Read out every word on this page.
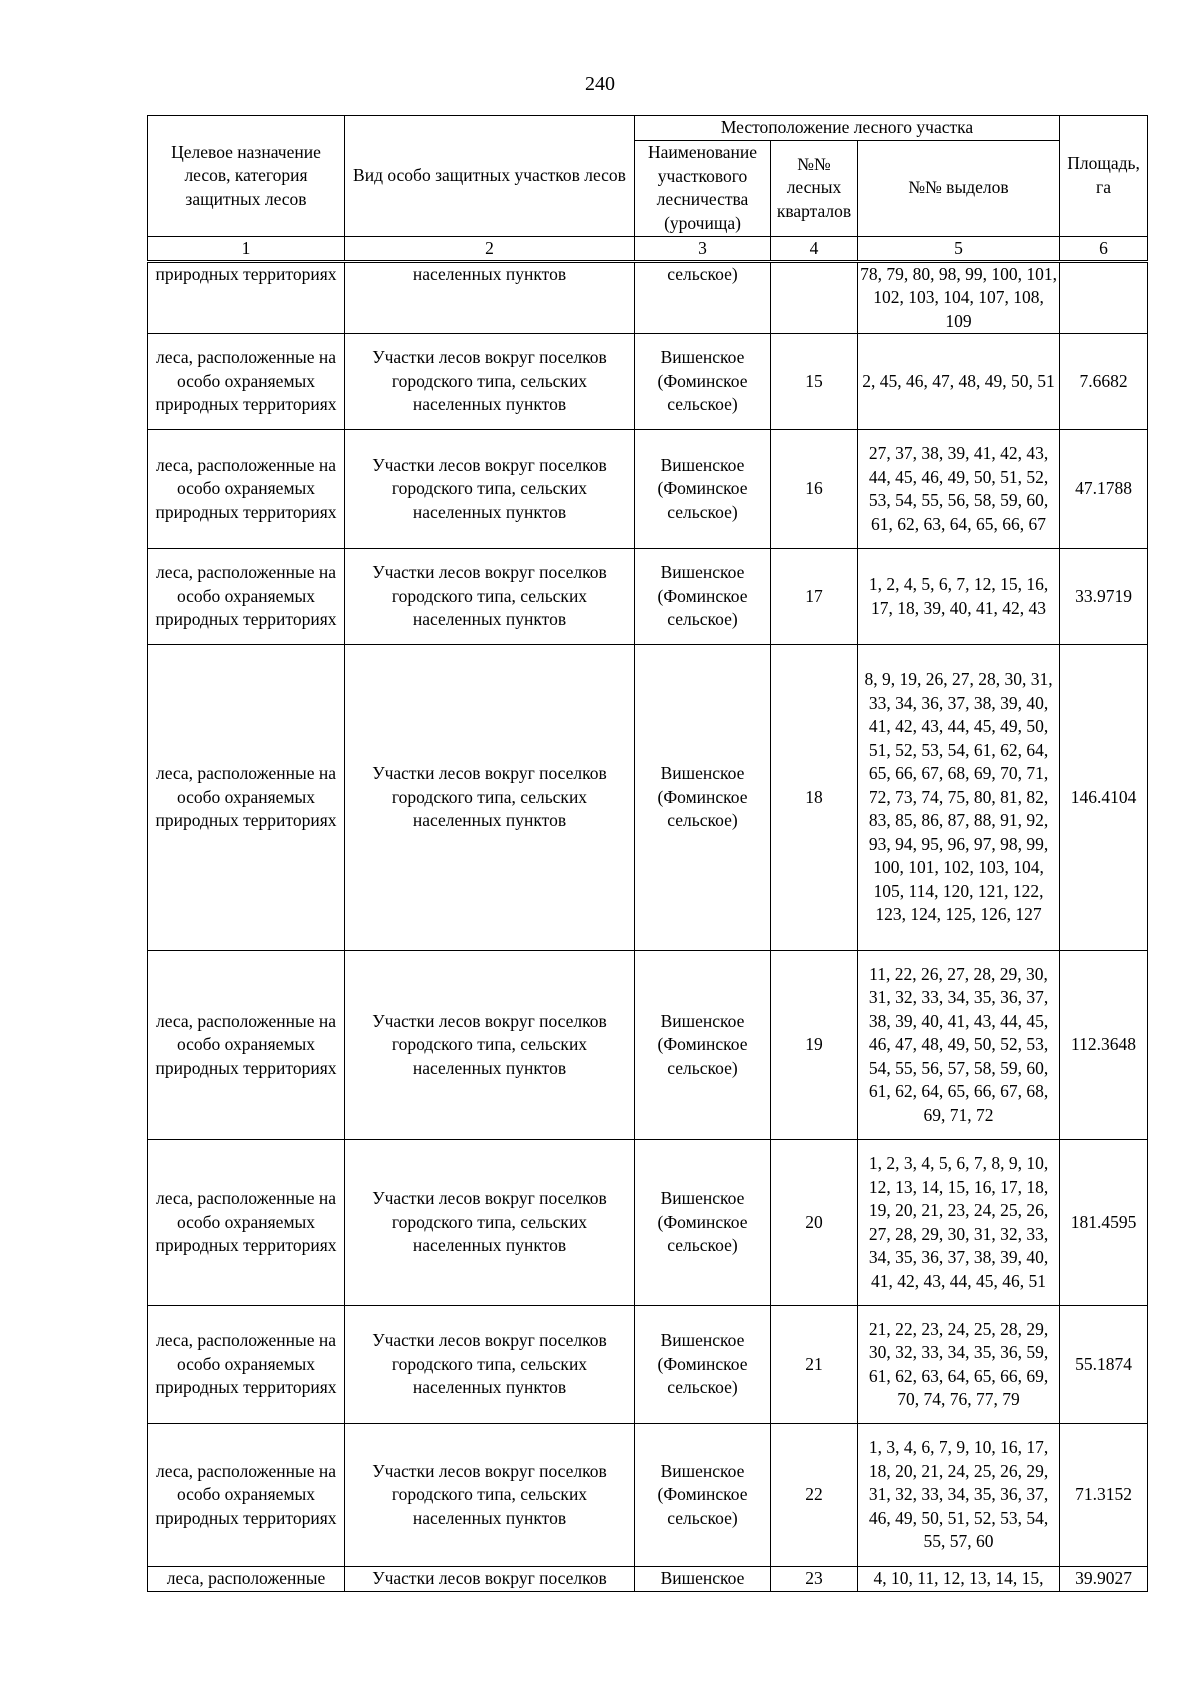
240
Целевое назначение лесов, категория защитных лесов	Вид особо защитных участков лесов	Местоположение лесного участка			Площадь, га
		Наименование участкового лесничества (урочища)	№№ лесных кварталов	№№ выделов	
1	2	3	4	5	6
природных территориях	населенных пунктов	сельское)		78, 79, 80, 98, 99, 100, 101, 102, 103, 104, 107, 108, 109	
леса, расположенные на особо охраняемых природных территориях	Участки лесов вокруг поселков городского типа, сельских населенных пунктов	Вишенское (Фоминское сельское)	15	2, 45, 46, 47, 48, 49, 50, 51	7.6682
леса, расположенные на особо охраняемых природных территориях	Участки лесов вокруг поселков городского типа, сельских населенных пунктов	Вишенское (Фоминское сельское)	16	27, 37, 38, 39, 41, 42, 43, 44, 45, 46, 49, 50, 51, 52, 53, 54, 55, 56, 58, 59, 60, 61, 62, 63, 64, 65, 66, 67	47.1788
леса, расположенные на особо охраняемых природных территориях	Участки лесов вокруг поселков городского типа, сельских населенных пунктов	Вишенское (Фоминское сельское)	17	1, 2, 4, 5, 6, 7, 12, 15, 16, 17, 18, 39, 40, 41, 42, 43	33.9719
леса, расположенные на особо охраняемых природных территориях	Участки лесов вокруг поселков городского типа, сельских населенных пунктов	Вишенское (Фоминское сельское)	18	8, 9, 19, 26, 27, 28, 30, 31, 33, 34, 36, 37, 38, 39, 40, 41, 42, 43, 44, 45, 49, 50, 51, 52, 53, 54, 61, 62, 64, 65, 66, 67, 68, 69, 70, 71, 72, 73, 74, 75, 80, 81, 82, 83, 85, 86, 87, 88, 91, 92, 93, 94, 95, 96, 97, 98, 99, 100, 101, 102, 103, 104, 105, 114, 120, 121, 122, 123, 124, 125, 126, 127	146.4104
леса, расположенные на особо охраняемых природных территориях	Участки лесов вокруг поселков городского типа, сельских населенных пунктов	Вишенское (Фоминское сельское)	19	11, 22, 26, 27, 28, 29, 30, 31, 32, 33, 34, 35, 36, 37, 38, 39, 40, 41, 43, 44, 45, 46, 47, 48, 49, 50, 52, 53, 54, 55, 56, 57, 58, 59, 60, 61, 62, 64, 65, 66, 67, 68, 69, 71, 72	112.3648
леса, расположенные на особо охраняемых природных территориях	Участки лесов вокруг поселков городского типа, сельских населенных пунктов	Вишенское (Фоминское сельское)	20	1, 2, 3, 4, 5, 6, 7, 8, 9, 10, 12, 13, 14, 15, 16, 17, 18, 19, 20, 21, 23, 24, 25, 26, 27, 28, 29, 30, 31, 32, 33, 34, 35, 36, 37, 38, 39, 40, 41, 42, 43, 44, 45, 46, 51	181.4595
леса, расположенные на особо охраняемых природных территориях	Участки лесов вокруг поселков городского типа, сельских населенных пунктов	Вишенское (Фоминское сельское)	21	21, 22, 23, 24, 25, 28, 29, 30, 32, 33, 34, 35, 36, 59, 61, 62, 63, 64, 65, 66, 69, 70, 74, 76, 77, 79	55.1874
леса, расположенные на особо охраняемых природных территориях	Участки лесов вокруг поселков городского типа, сельских населенных пунктов	Вишенское (Фоминское сельское)	22	1, 3, 4, 6, 7, 9, 10, 16, 17, 18, 20, 21, 24, 25, 26, 29, 31, 32, 33, 34, 35, 36, 37, 46, 49, 50, 51, 52, 53, 54, 55, 57, 60	71.3152
леса, расположенные	Участки лесов вокруг поселков	Вишенское	23	4, 10, 11, 12, 13, 14, 15,	39.9027
